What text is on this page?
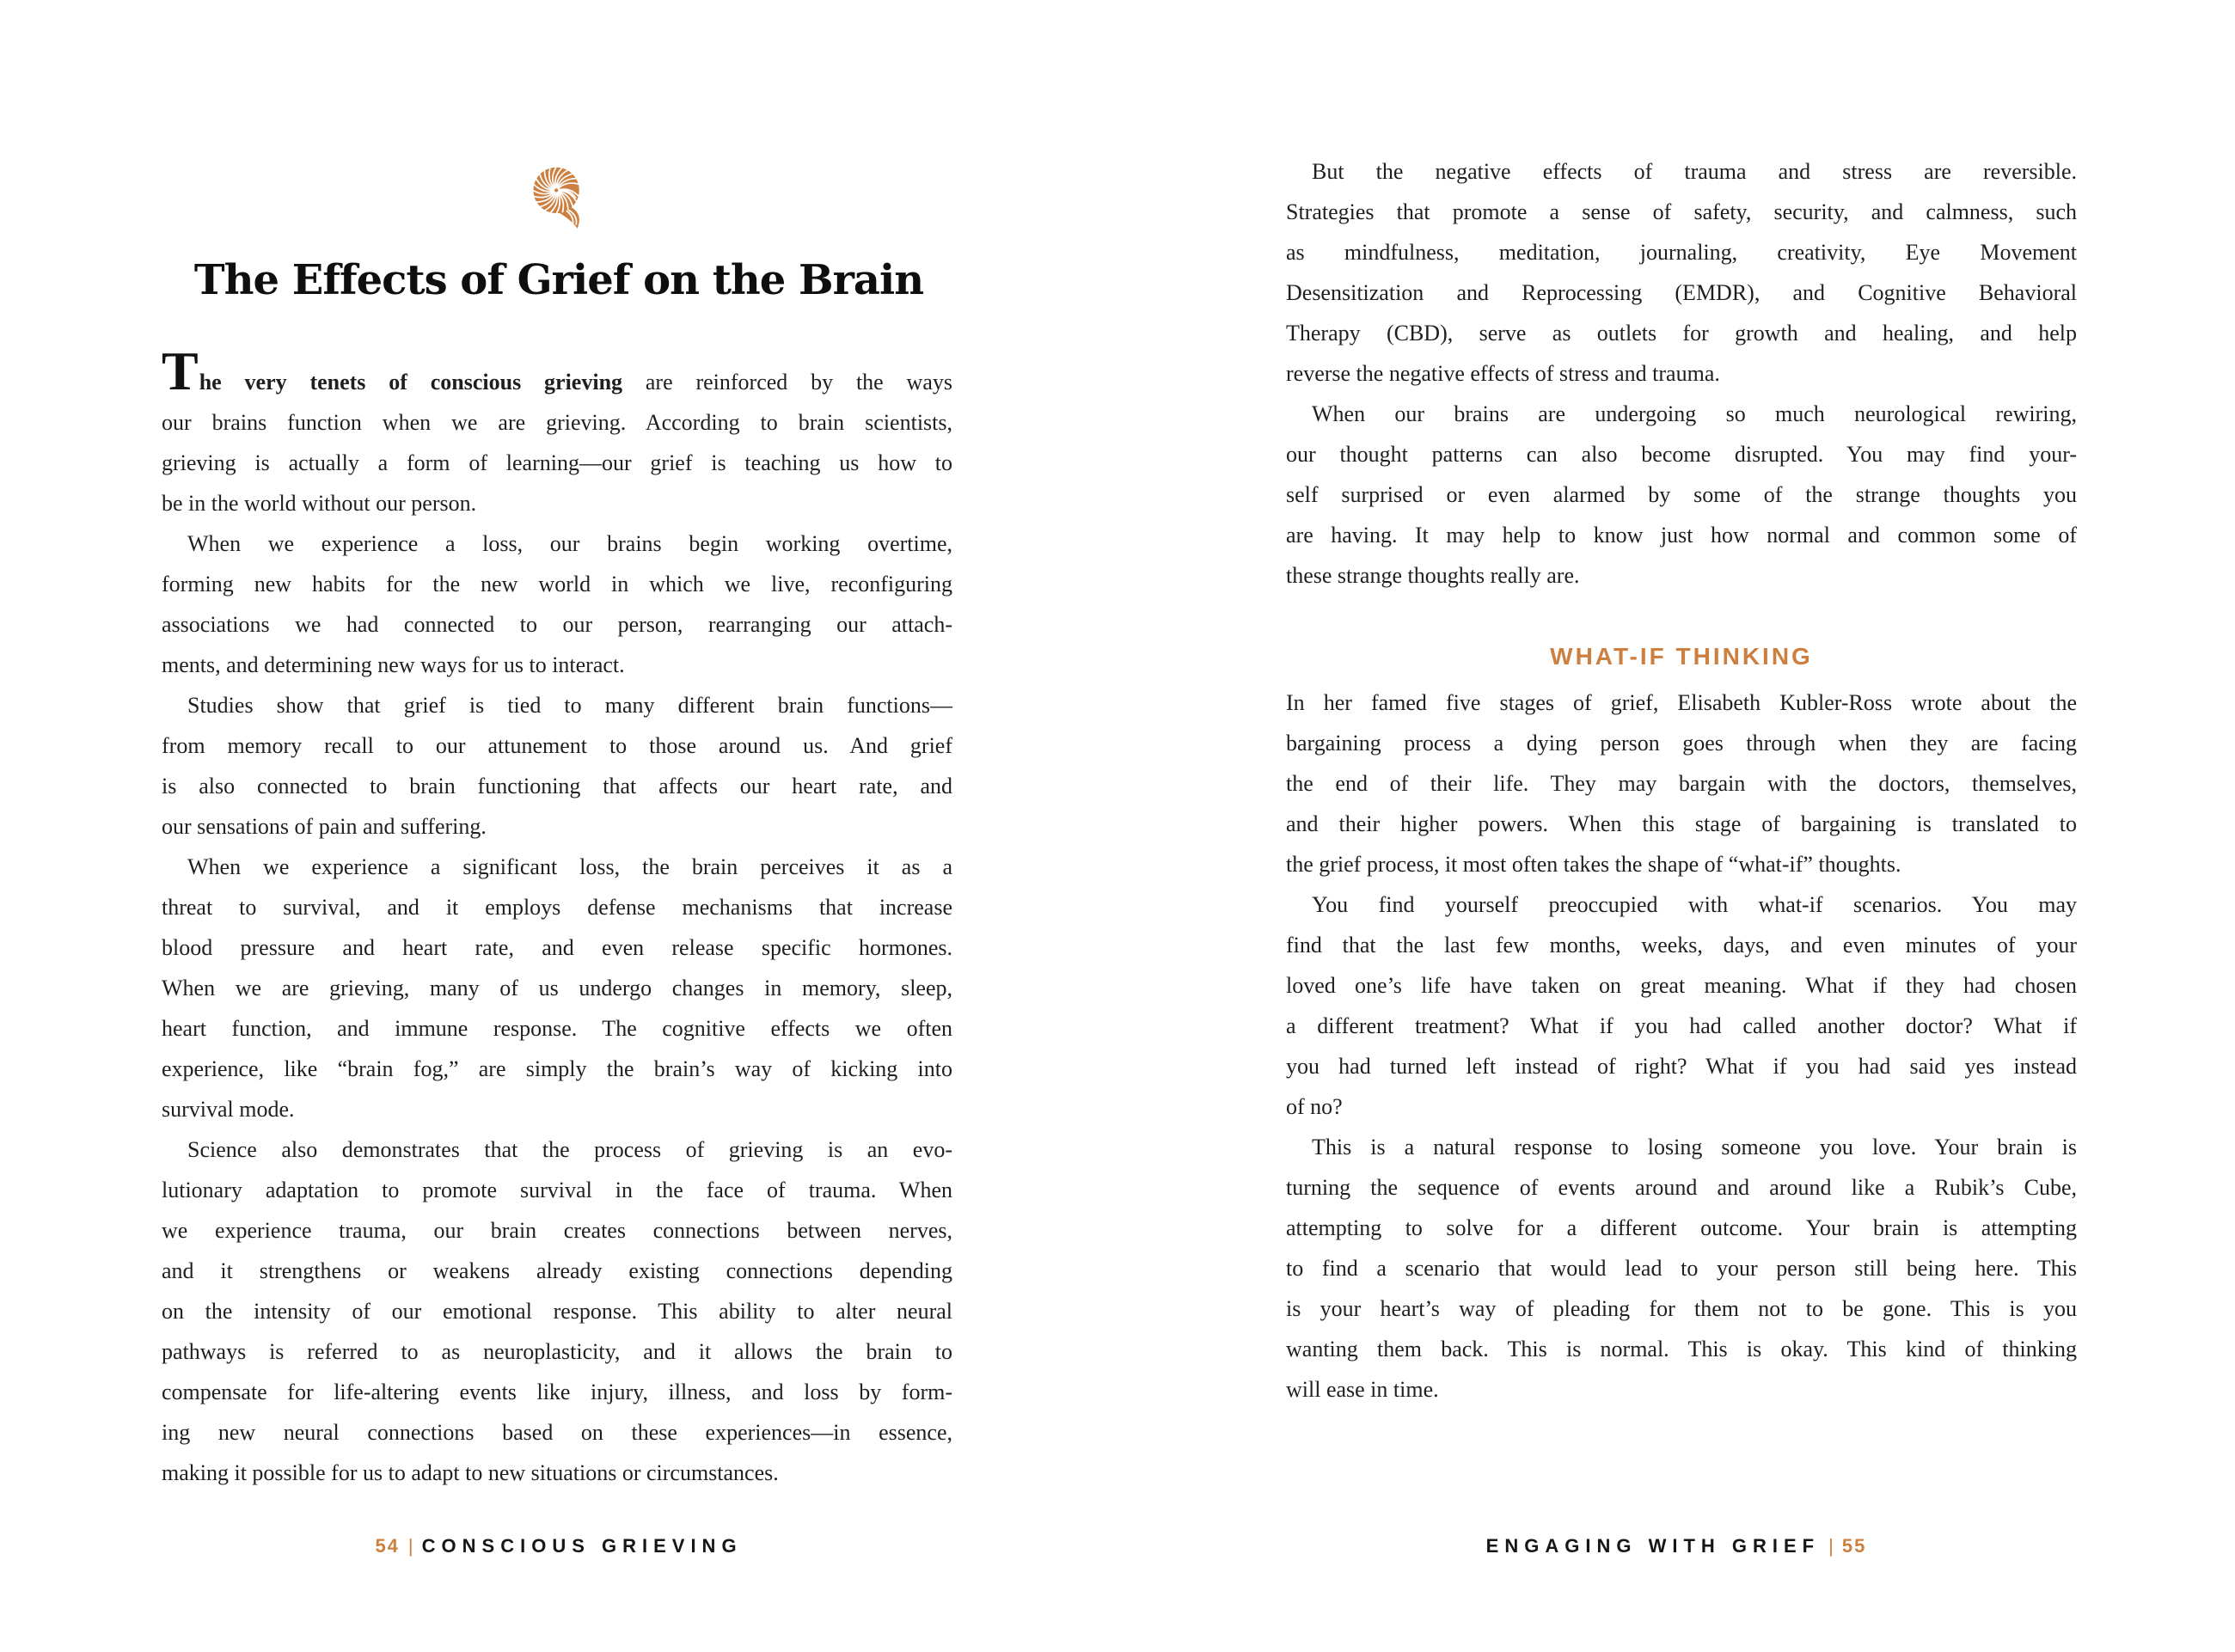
The Effects of Grief on the Brain
The very tenets of conscious grieving are reinforced by the ways
our brains function when we are grieving. According to brain scientists,
grieving is actually a form of learning—our grief is teaching us how to
be in the world without our person.
When we experience a loss, our brains begin working overtime,
forming new habits for the new world in which we live, reconfiguring
associations we had connected to our person, rearranging our attach-
ments, and determining new ways for us to interact.
Studies show that grief is tied to many different brain functions—
from memory recall to our attunement to those around us. And grief
is also connected to brain functioning that affects our heart rate, and
our sensations of pain and suffering.
When we experience a significant loss, the brain perceives it as a
threat to survival, and it employs defense mechanisms that increase
blood pressure and heart rate, and even release specific hormones.
When we are grieving, many of us undergo changes in memory, sleep,
heart function, and immune response. The cognitive effects we often
experience, like “brain fog,” are simply the brain’s way of kicking into
survival mode.
Science also demonstrates that the process of grieving is an evo-
lutionary adaptation to promote survival in the face of trauma. When
we experience trauma, our brain creates connections between nerves,
and it strengthens or weakens already existing connections depending
on the intensity of our emotional response. This ability to alter neural
pathways is referred to as neuroplasticity, and it allows the brain to
compensate for life-altering events like injury, illness, and loss by form-
ing new neural connections based on these experiences—in essence,
making it possible for us to adapt to new situations or circumstances.
54 | CONSCIOUS GRIEVING
But the negative effects of trauma and stress are reversible.
Strategies that promote a sense of safety, security, and calmness, such
as mindfulness, meditation, journaling, creativity, Eye Movement
Desensitization and Reprocessing (EMDR), and Cognitive Behavioral
Therapy (CBD), serve as outlets for growth and healing, and help
reverse the negative effects of stress and trauma.
When our brains are undergoing so much neurological rewiring,
our thought patterns can also become disrupted. You may find your-
self surprised or even alarmed by some of the strange thoughts you
are having. It may help to know just how normal and common some of
these strange thoughts really are.
WHAT-IF THINKING
In her famed five stages of grief, Elisabeth Kubler-Ross wrote about the
bargaining process a dying person goes through when they are facing
the end of their life. They may bargain with the doctors, themselves,
and their higher powers. When this stage of bargaining is translated to
the grief process, it most often takes the shape of “what-if” thoughts.
You find yourself preoccupied with what-if scenarios. You may
find that the last few months, weeks, days, and even minutes of your
loved one’s life have taken on great meaning. What if they had chosen
a different treatment? What if you had called another doctor? What if
you had turned left instead of right? What if you had said yes instead
of no?
This is a natural response to losing someone you love. Your brain is
turning the sequence of events around and around like a Rubik’s Cube,
attempting to solve for a different outcome. Your brain is attempting
to find a scenario that would lead to your person still being here. This
is your heart’s way of pleading for them not to be gone. This is you
wanting them back. This is normal. This is okay. This kind of thinking
will ease in time.
ENGAGING WITH GRIEF | 55
